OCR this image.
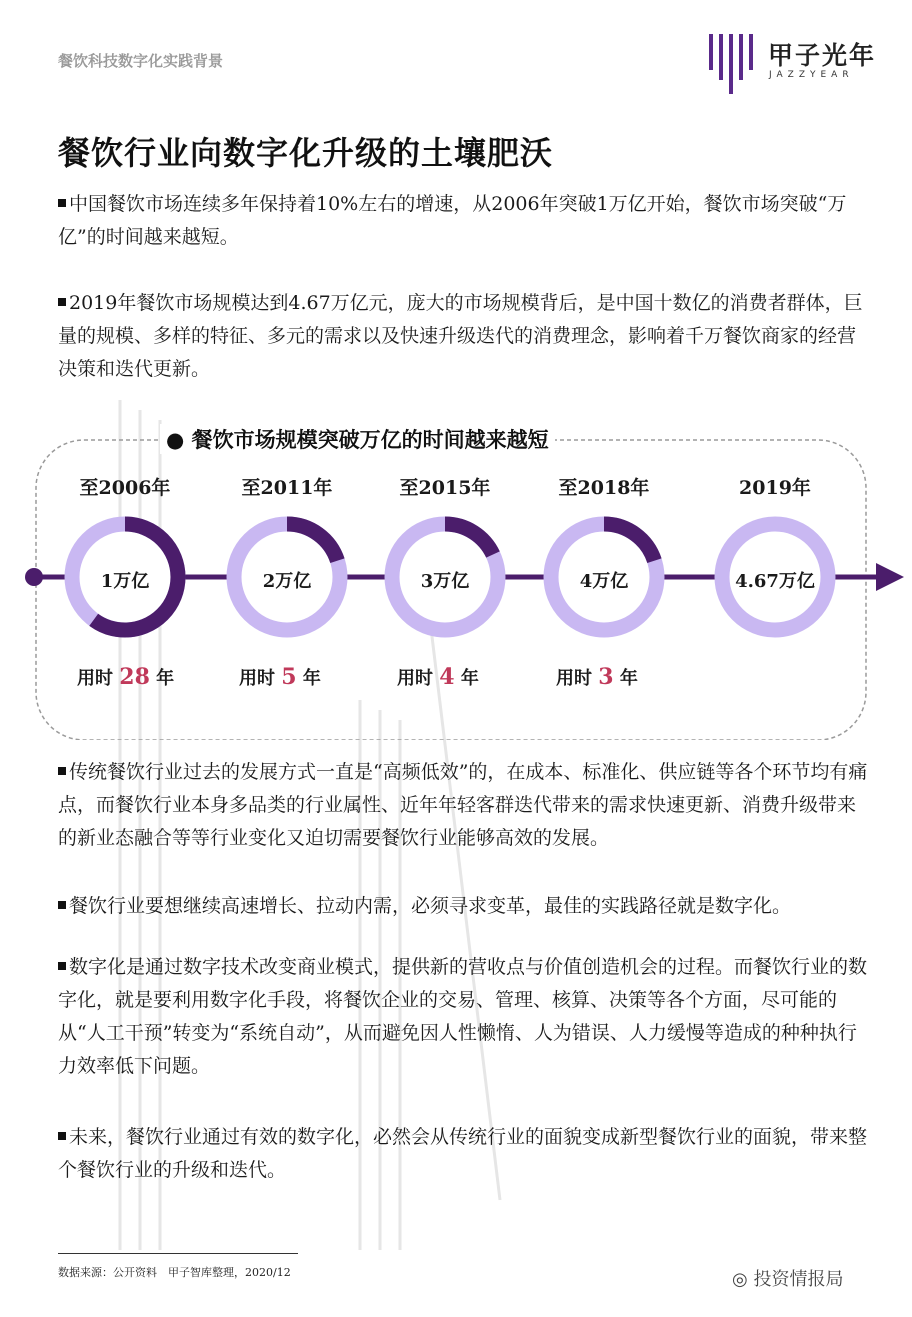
餐饮科技数字化实践背景	甲子光年
JAZZYEAR
餐饮行业向数字化升级的土壤肥沃
中国餐饮市场连续多年保持着10%左右的增速，从2006年突破1万亿开始，餐饮市场突破“万亿”的时间越来越短。
2019年餐饮市场规模达到4.67万亿元，庞大的市场规模背后，是中国十数亿的消费者群体，巨量的规模、多样的特征、多元的需求以及快速升级迭代的消费理念，影响着千万餐饮商家的经营决策和迭代更新。
● 餐饮市场规模突破万亿的时间越来越短
至2006年
1万亿
用时 28 年
至2011年
2万亿
用时 5 年
至2015年
3万亿
用时 4 年
至2018年
4万亿
用时 3 年
2019年
4.67万亿
传统餐饮行业过去的发展方式一直是“高频低效”的，在成本、标准化、供应链等各个环节均有痛点，而餐饮行业本身多品类的行业属性、近年年轻客群迭代带来的需求快速更新、消费升级带来的新业态融合等等行业变化又迫切需要餐饮行业能够高效的发展。
餐饮行业要想继续高速增长、拉动内需，必须寻求变革，最佳的实践路径就是数字化。
数字化是通过数字技术改变商业模式，提供新的营收点与价值创造机会的过程。而餐饮行业的数字化，就是要利用数字化手段，将餐饮企业的交易、管理、核算、决策等各个方面，尽可能的从“人工干预”转变为“系统自动”，从而避免因人性懒惰、人为错误、人力缓慢等造成的种种执行力效率低下问题。
未来，餐饮行业通过有效的数字化，必然会从传统行业的面貌变成新型餐饮行业的面貌，带来整个餐饮行业的升级和迭代。
数据来源：公开资料　甲子智库整理，2020/12	◎ 投资情报局
